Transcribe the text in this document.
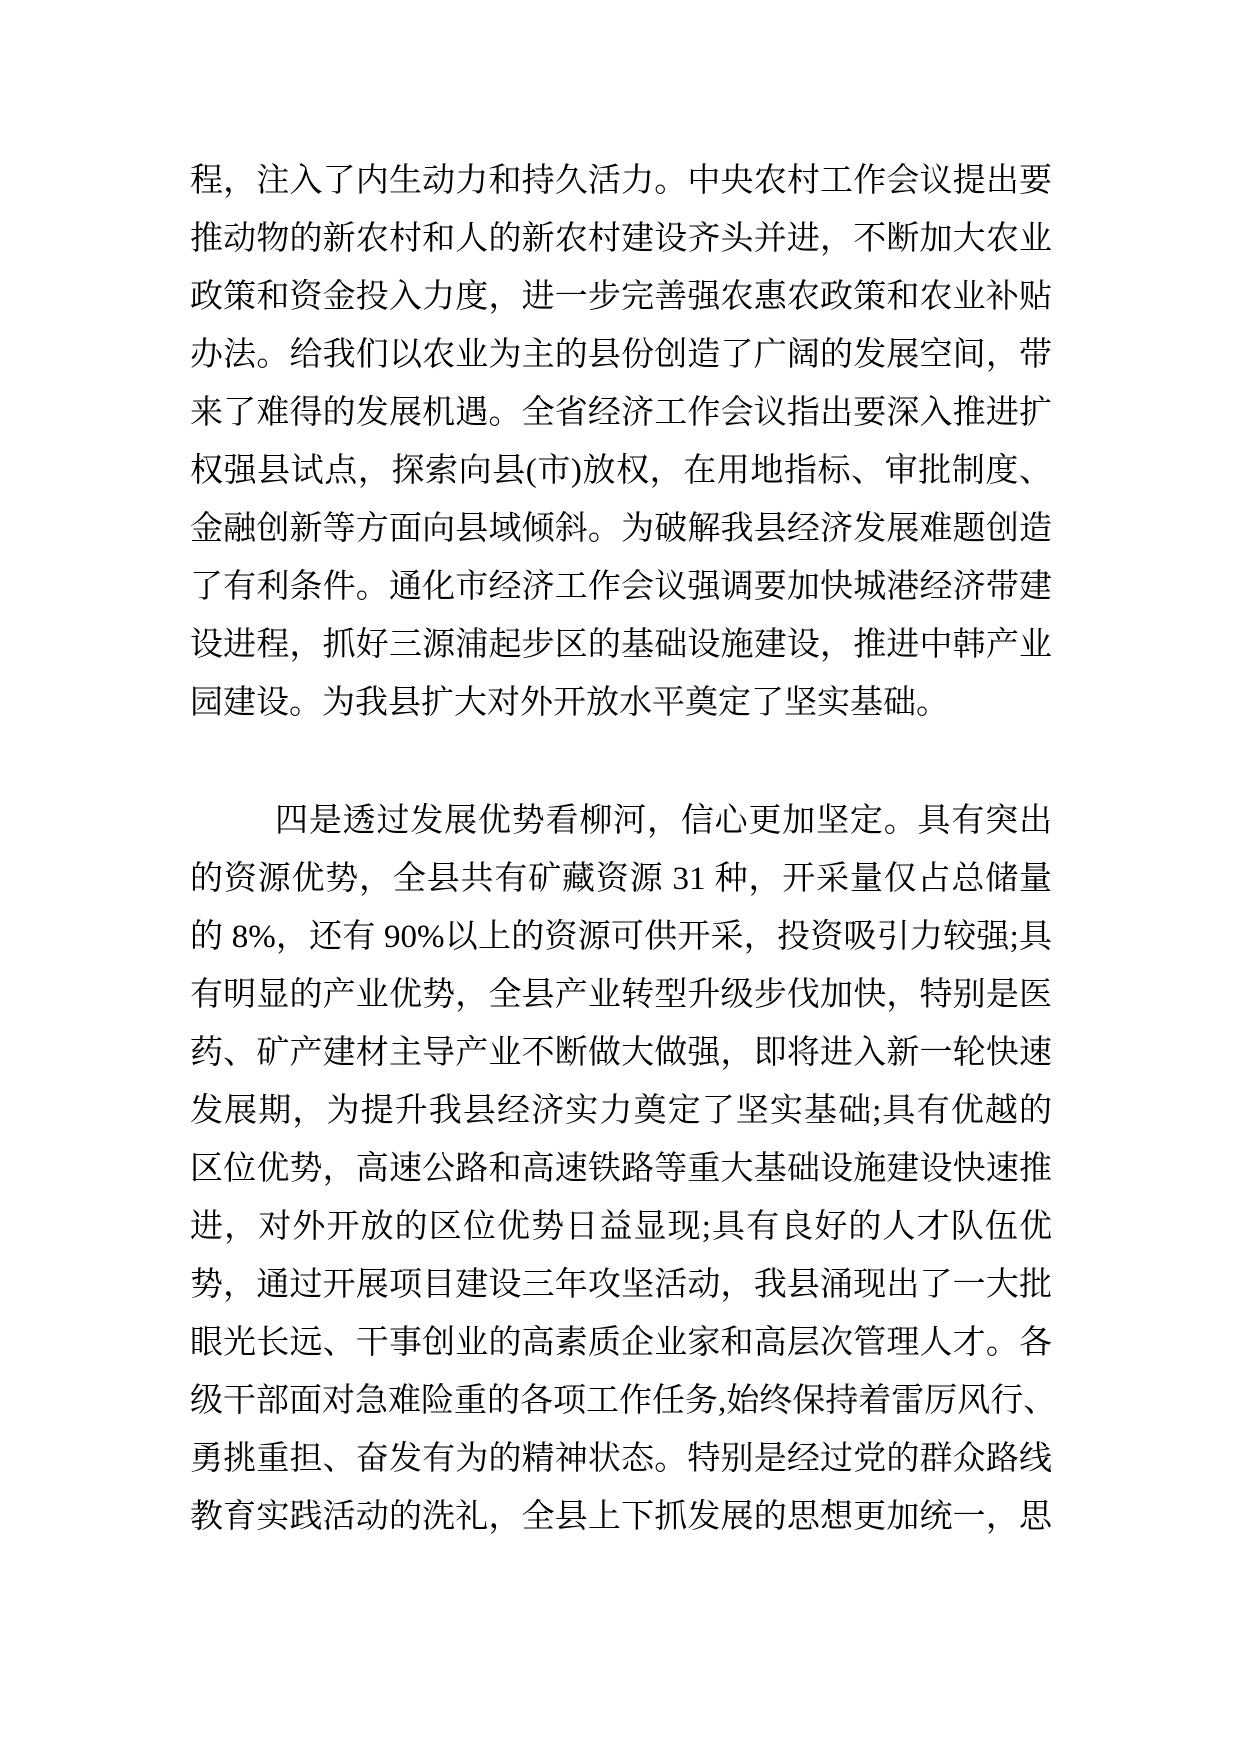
程，注入了内生动力和持久活力。中央农村工作会议提出要
推动物的新农村和人的新农村建设齐头并进，不断加大农业
政策和资金投入力度，进一步完善强农惠农政策和农业补贴
办法。给我们以农业为主的县份创造了广阔的发展空间，带
来了难得的发展机遇。全省经济工作会议指出要深入推进扩
权强县试点，探索向县(市)放权，在用地指标、审批制度、
金融创新等方面向县域倾斜。为破解我县经济发展难题创造
了有利条件。通化市经济工作会议强调要加快城港经济带建
设进程，抓好三源浦起步区的基础设施建设，推进中韩产业
园建设。为我县扩大对外开放水平奠定了坚实基础。
四是透过发展优势看柳河，信心更加坚定。具有突出
的资源优势，全县共有矿藏资源 31 种，开采量仅占总储量
的 8%，还有 90%以上的资源可供开采，投资吸引力较强;具
有明显的产业优势，全县产业转型升级步伐加快，特别是医
药、矿产建材主导产业不断做大做强，即将进入新一轮快速
发展期，为提升我县经济实力奠定了坚实基础;具有优越的
区位优势，高速公路和高速铁路等重大基础设施建设快速推
进，对外开放的区位优势日益显现;具有良好的人才队伍优
势，通过开展项目建设三年攻坚活动，我县涌现出了一大批
眼光长远、干事创业的高素质企业家和高层次管理人才。各
级干部面对急难险重的各项工作任务,始终保持着雷厉风行、
勇挑重担、奋发有为的精神状态。特别是经过党的群众路线
教育实践活动的洗礼，全县上下抓发展的思想更加统一，思
